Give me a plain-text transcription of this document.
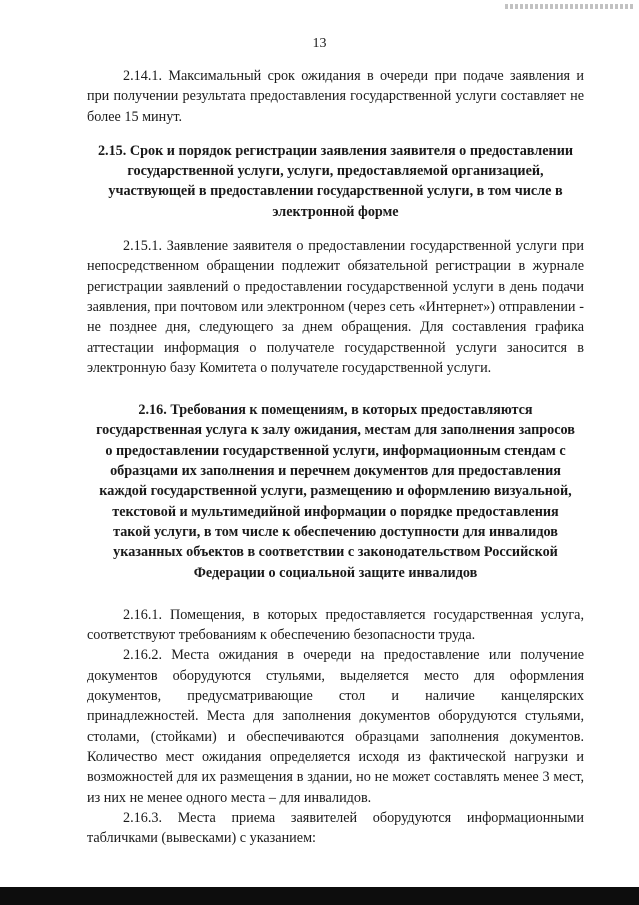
13

2.14.1. Максимальный срок ожидания в очереди при подаче заявления и при получении результата предоставления государственной услуги составляет не более 15 минут.

2.15. Срок и порядок регистрации заявления заявителя о предоставлении государственной услуги, услуги, предоставляемой организацией, участвующей в предоставлении государственной услуги, в том числе в электронной форме

2.15.1. Заявление заявителя о предоставлении государственной услуги при непосредственном обращении подлежит обязательной регистрации в журнале регистрации заявлений о предоставлении государственной услуги в день подачи заявления, при почтовом или электронном (через сеть «Интернет») отправлении - не позднее дня, следующего за днем обращения. Для составления графика аттестации информация о получателе государственной услуги заносится в электронную базу Комитета о получателе государственной услуги.

2.16. Требования к помещениям, в которых предоставляются государственная услуга к залу ожидания, местам для заполнения запросов о предоставлении государственной услуги, информационным стендам с образцами их заполнения и перечнем документов для предоставления каждой государственной услуги, размещению и оформлению визуальной, текстовой и мультимедийной информации о порядке предоставления такой услуги, в том числе к обеспечению доступности для инвалидов указанных объектов в соответствии с законодательством Российской Федерации о социальной защите инвалидов

2.16.1. Помещения, в которых предоставляется государственная услуга, соответствуют требованиям к обеспечению безопасности труда.

2.16.2. Места ожидания в очереди на предоставление или получение документов оборудуются стульями, выделяется место для оформления документов, предусматривающие стол и наличие канцелярских принадлежностей. Места для заполнения документов оборудуются стульями, столами, (стойками) и обеспечиваются образцами заполнения документов. Количество мест ожидания определяется исходя из фактической нагрузки и возможностей для их размещения в здании, но не может составлять менее 3 мест, из них не менее одного места – для инвалидов.

2.16.3. Места приема заявителей оборудуются информационными табличками (вывесками) с указанием:
